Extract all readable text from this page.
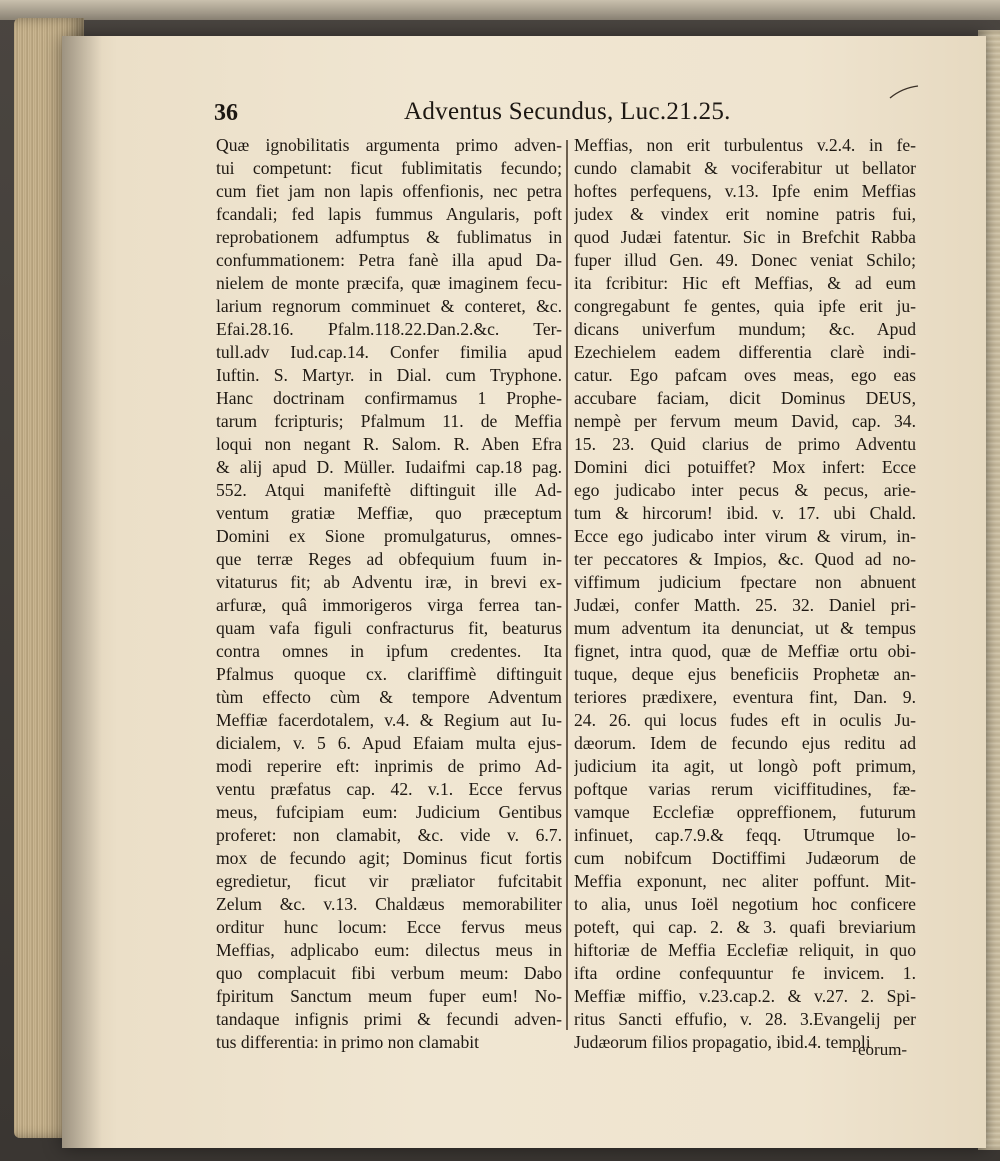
36	Adventus Secundus, Luc.21.25.
Quæ ignobilitatis argumenta primo adven-
tui competunt: ficut fublimitatis fecundo;
cum fiet jam non lapis offenfionis, nec petra
fcandali; fed lapis fummus Angularis, poft
reprobationem adfumptus & fublimatus in
confummationem: Petra fanè illa apud Da-
nielem de monte præcifa, quæ imaginem fecu-
larium regnorum comminuet & conteret, &c.
Efai.28.16. Pfalm.118.22.Dan.2.&c. Ter-
tull.adv Iud.cap.14. Confer fimilia apud
Iuftin. S. Martyr. in Dial. cum Tryphone.
Hanc doctrinam confirmamus 1 Prophe-
tarum fcripturis; Pfalmum 11. de Meffia
loqui non negant R. Salom. R. Aben Efra
& alij apud D. Müller. Iudaifmi cap.18 pag.
552. Atqui manifeftè diftinguit ille Ad-
ventum gratiæ Meffiæ, quo præceptum
Domini ex Sione promulgaturus, omnes-
que terræ Reges ad obfequium fuum in-
vitaturus fit; ab Adventu iræ, in brevi ex-
arfuræ, quâ immorigeros virga ferrea tan-
quam vafa figuli confracturus fit, beaturus
contra omnes in ipfum credentes. Ita
Pfalmus quoque cx. clariffimè diftinguit
tùm effecto cùm & tempore Adventum
Meffiæ facerdotalem, v.4. & Regium aut Iu-
dicialem, v. 5 6. Apud Efaiam multa ejus-
modi reperire eft: inprimis de primo Ad-
ventu præfatus cap. 42. v.1. Ecce fervus
meus, fufcipiam eum: Judicium Gentibus
proferet: non clamabit, &c. vide v. 6.7.
mox de fecundo agit; Dominus ficut fortis
egredietur, ficut vir præliator fufcitabit
Zelum &c. v.13. Chaldæus memorabiliter
orditur hunc locum: Ecce fervus meus
Meffias, adplicabo eum: dilectus meus in
quo complacuit fibi verbum meum: Dabo
fpiritum Sanctum meum fuper eum! No-
tandaque infignis primi & fecundi adven-
tus differentia: in primo non clamabit
Meffias, non erit turbulentus v.2.4. in fe-
cundo clamabit & vociferabitur ut bellator
hoftes perfequens, v.13. Ipfe enim Meffias
judex & vindex erit nomine patris fui,
quod Judæi fatentur. Sic in Brefchit Rabba
fuper illud Gen. 49. Donec veniat Schilo;
ita fcribitur: Hic eft Meffias, & ad eum
congregabunt fe gentes, quia ipfe erit ju-
dicans univerfum mundum; &c. Apud
Ezechielem eadem differentia clarè indi-
catur. Ego pafcam oves meas, ego eas
accubare faciam, dicit Dominus DEUS,
nempè per fervum meum David, cap. 34.
15. 23. Quid clarius de primo Adventu
Domini dici potuiffet? Mox infert: Ecce
ego judicabo inter pecus & pecus, arie-
tum & hircorum! ibid. v. 17. ubi Chald.
Ecce ego judicabo inter virum & virum, in-
ter peccatores & Impios, &c. Quod ad no-
viffimum judicium fpectare non abnuent
Judæi, confer Matth. 25. 32. Daniel pri-
mum adventum ita denunciat, ut & tempus
fignet, intra quod, quæ de Meffiæ ortu obi-
tuque, deque ejus beneficiis Prophetæ an-
teriores prædixere, eventura fint, Dan. 9.
24. 26. qui locus fudes eft in oculis Ju-
dæorum. Idem de fecundo ejus reditu ad
judicium ita agit, ut longò poft primum,
poftque varias rerum viciffitudines, fæ-
vamque Ecclefiæ oppreffionem, futurum
infinuet, cap.7.9.& feqq. Utrumque lo-
cum nobifcum Doctiffimi Judæorum de
Meffia exponunt, nec aliter poffunt. Mit-
to alia, unus Ioël negotium hoc conficere
poteft, qui cap. 2. & 3. quafi breviarium
hiftoriæ de Meffia Ecclefiæ reliquit, in quo
ifta ordine confequuntur fe invicem. 1.
Meffiæ miffio, v.23.cap.2. & v.27. 2. Spi-
ritus Sancti effufio, v. 28. 3.Evangelij per
Judæorum filios propagatio, ibid.4. templi
eorum-
